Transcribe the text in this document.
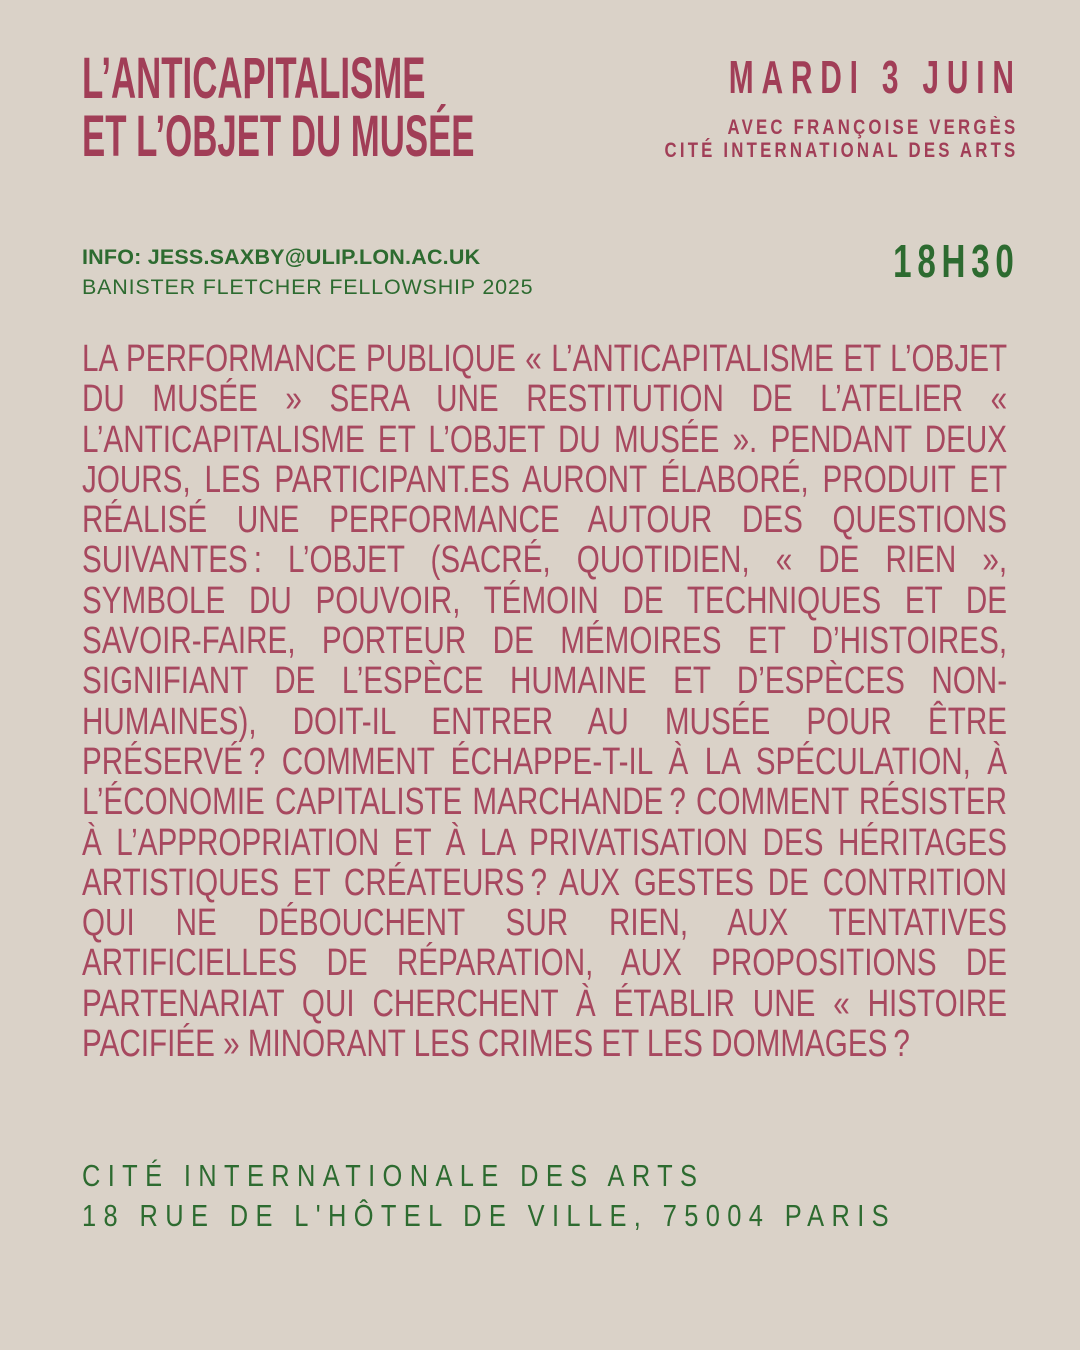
L’ANTICAPITALISME
ET L’OBJET DU MUSÉE
MARDI 3 JUIN
AVEC FRANÇOISE VERGÈS
CITÉ INTERNATIONAL DES ARTS
INFO: JESS.SAXBY@ULIP.LON.AC.UK
BANISTER FLETCHER FELLOWSHIP 2025	18H30

LA PERFORMANCE PUBLIQUE « L’ANTICAPITALISME ET L’OBJET DU MUSÉE » SERA UNE RESTITUTION DE L’ATELIER « L’ANTICAPITALISME ET L’OBJET DU MUSÉE ». PENDANT DEUX JOURS, LES PARTICIPANT.ES AURONT ÉLABORÉ, PRODUIT ET RÉALISÉ UNE PERFORMANCE AUTOUR DES QUESTIONS SUIVANTES : L’OBJET (SACRÉ, QUOTIDIEN, « DE RIEN », SYMBOLE DU POUVOIR, TÉMOIN DE TECHNIQUES ET DE SAVOIR-FAIRE, PORTEUR DE MÉMOIRES ET D’HISTOIRES, SIGNIFIANT DE L’ESPÈCE HUMAINE ET D’ESPÈCES NON-HUMAINES), DOIT-IL ENTRER AU MUSÉE POUR ÊTRE PRÉSERVÉ ? COMMENT ÉCHAPPE-T-IL À LA SPÉCULATION, À L’ÉCONOMIE CAPITALISTE MARCHANDE ? COMMENT RÉSISTER À L’APPROPRIATION ET À LA PRIVATISATION DES HÉRITAGES ARTISTIQUES ET CRÉATEURS ? AUX GESTES DE CONTRITION QUI NE DÉBOUCHENT SUR RIEN, AUX TENTATIVES ARTIFICIELLES DE RÉPARATION, AUX PROPOSITIONS DE PARTENARIAT QUI CHERCHENT À ÉTABLIR UNE « HISTOIRE PACIFIÉE » MINORANT LES CRIMES ET LES DOMMAGES ?

CITÉ INTERNATIONALE DES ARTS
18 RUE DE L'HÔTEL DE VILLE, 75004 PARIS
